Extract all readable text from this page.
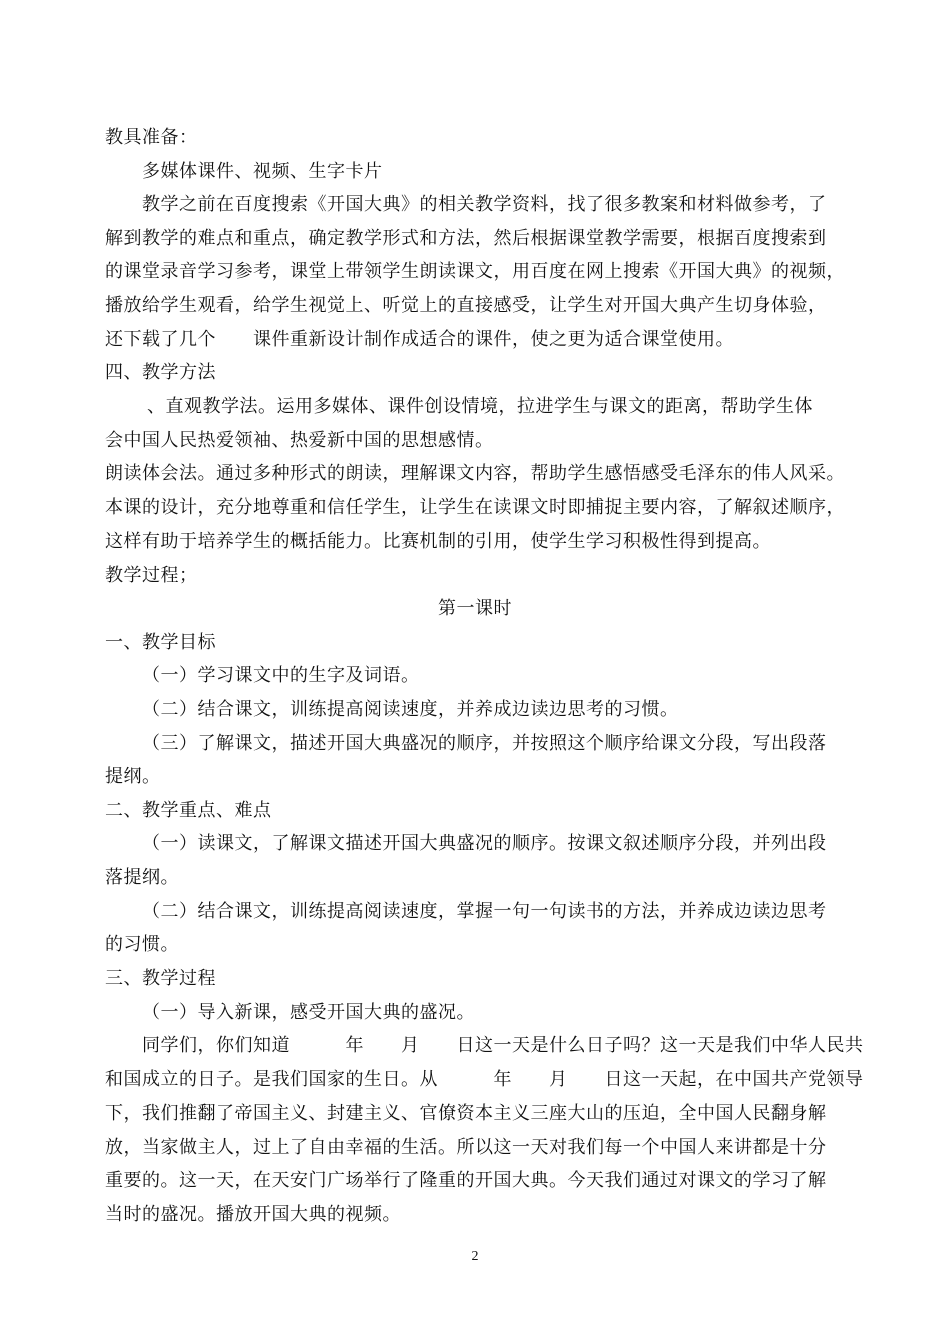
教具准备：
多媒体课件、视频、生字卡片
教学之前在百度搜索《开国大典》的相关教学资料，找了很多教案和材料做参考，了
解到教学的难点和重点，确定教学形式和方法，然后根据课堂教学需要，根据百度搜索到
的课堂录音学习参考，课堂上带领学生朗读课文，用百度在网上搜索《开国大典》的视频，
播放给学生观看，给学生视觉上、听觉上的直接感受，让学生对开国大典产生切身体验，
还下载了几个　　课件重新设计制作成适合的课件，使之更为适合课堂使用。
四、教学方法
、直观教学法。运用多媒体、课件创设情境，拉进学生与课文的距离，帮助学生体
会中国人民热爱领袖、热爱新中国的思想感情。
朗读体会法。通过多种形式的朗读，理解课文内容，帮助学生感悟感受毛泽东的伟人风采。
本课的设计，充分地尊重和信任学生，让学生在读课文时即捕捉主要内容，了解叙述顺序，
这样有助于培养学生的概括能力。比赛机制的引用，使学生学习积极性得到提高。
教学过程；
第一课时
一、教学目标
（一）学习课文中的生字及词语。
（二）结合课文，训练提高阅读速度，并养成边读边思考的习惯。
（三）了解课文，描述开国大典盛况的顺序，并按照这个顺序给课文分段，写出段落
提纲。
二、教学重点、难点
（一）读课文，了解课文描述开国大典盛况的顺序。按课文叙述顺序分段，并列出段
落提纲。
（二）结合课文，训练提高阅读速度，掌握一句一句读书的方法，并养成边读边思考
的习惯。
三、教学过程
（一）导入新课，感受开国大典的盛况。
同学们，你们知道　　　年　　月　　日这一天是什么日子吗？这一天是我们中华人民共
和国成立的日子。是我们国家的生日。从　　　年　　月　　日这一天起，在中国共产党领导
下，我们推翻了帝国主义、封建主义、官僚资本主义三座大山的压迫，全中国人民翻身解
放，当家做主人，过上了自由幸福的生活。所以这一天对我们每一个中国人来讲都是十分
重要的。这一天，在天安门广场举行了隆重的开国大典。今天我们通过对课文的学习了解
当时的盛况。播放开国大典的视频。
2
